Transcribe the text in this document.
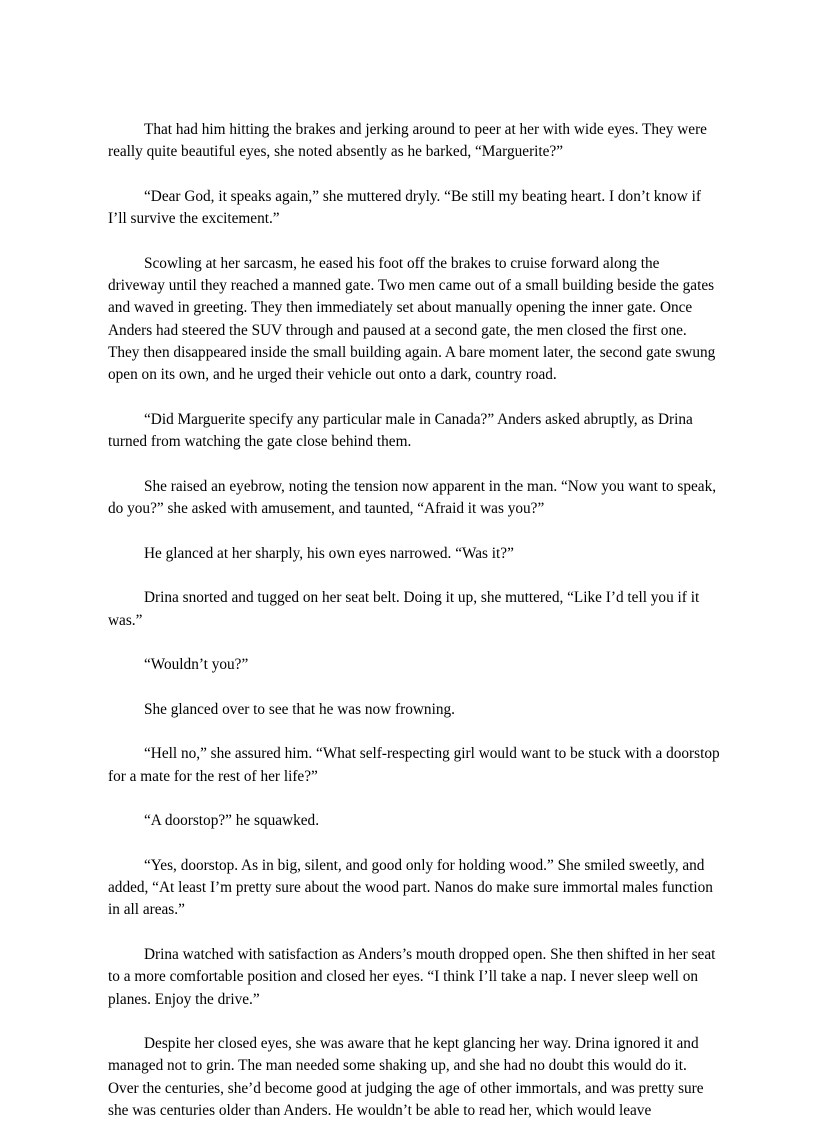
That had him hitting the brakes and jerking around to peer at her with wide eyes. They were really quite beautiful eyes, she noted absently as he barked, “Marguerite?”

“Dear God, it speaks again,” she muttered dryly. “Be still my beating heart. I don’t know if I’ll survive the excitement.”

Scowling at her sarcasm, he eased his foot off the brakes to cruise forward along the driveway until they reached a manned gate. Two men came out of a small building beside the gates and waved in greeting. They then immediately set about manually opening the inner gate. Once Anders had steered the SUV through and paused at a second gate, the men closed the first one. They then disappeared inside the small building again. A bare moment later, the second gate swung open on its own, and he urged their vehicle out onto a dark, country road.

“Did Marguerite specify any particular male in Canada?” Anders asked abruptly, as Drina turned from watching the gate close behind them.

She raised an eyebrow, noting the tension now apparent in the man. “Now you want to speak, do you?” she asked with amusement, and taunted, “Afraid it was you?”

He glanced at her sharply, his own eyes narrowed. “Was it?”

Drina snorted and tugged on her seat belt. Doing it up, she muttered, “Like I’d tell you if it was.”

“Wouldn’t you?”

She glanced over to see that he was now frowning.

“Hell no,” she assured him. “What self-respecting girl would want to be stuck with a doorstop for a mate for the rest of her life?”

“A doorstop?” he squawked.

“Yes, doorstop. As in big, silent, and good only for holding wood.” She smiled sweetly, and added, “At least I’m pretty sure about the wood part. Nanos do make sure immortal males function in all areas.”

Drina watched with satisfaction as Anders’s mouth dropped open. She then shifted in her seat to a more comfortable position and closed her eyes. “I think I’ll take a nap. I never sleep well on planes. Enjoy the drive.”

Despite her closed eyes, she was aware that he kept glancing her way. Drina ignored it and managed not to grin. The man needed some shaking up, and she had no doubt this would do it. Over the centuries, she’d become good at judging the age of other immortals, and was pretty sure she was centuries older than Anders. He wouldn’t be able to read her, which would leave
